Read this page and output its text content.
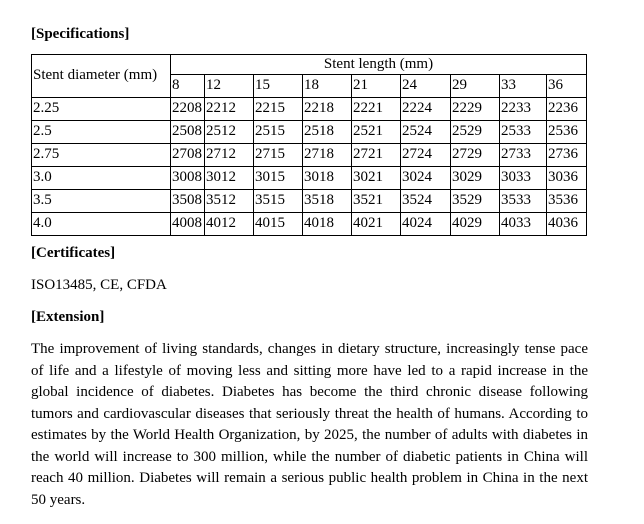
[Specifications]

Stent diameter (mm)	Stent length (mm)								
	8	12	15	18	21	24	29	33	36
2.25	2208	2212	2215	2218	2221	2224	2229	2233	2236
2.5	2508	2512	2515	2518	2521	2524	2529	2533	2536
2.75	2708	2712	2715	2718	2721	2724	2729	2733	2736
3.0	3008	3012	3015	3018	3021	3024	3029	3033	3036
3.5	3508	3512	3515	3518	3521	3524	3529	3533	3536
4.0	4008	4012	4015	4018	4021	4024	4029	4033	4036

[Certificates]

ISO13485, CE, CFDA

[Extension]

The improvement of living standards, changes in dietary structure, increasingly tense pace of life and a lifestyle of moving less and sitting more have led to a rapid increase in the global incidence of diabetes. Diabetes has become the third chronic disease following tumors and cardiovascular diseases that seriously threat the health of humans. According to estimates by the World Health Organization, by 2025, the number of adults with diabetes in the world will increase to 300 million, while the number of diabetic patients in China will reach 40 million. Diabetes will remain a serious public health problem in China in the next 50 years.
